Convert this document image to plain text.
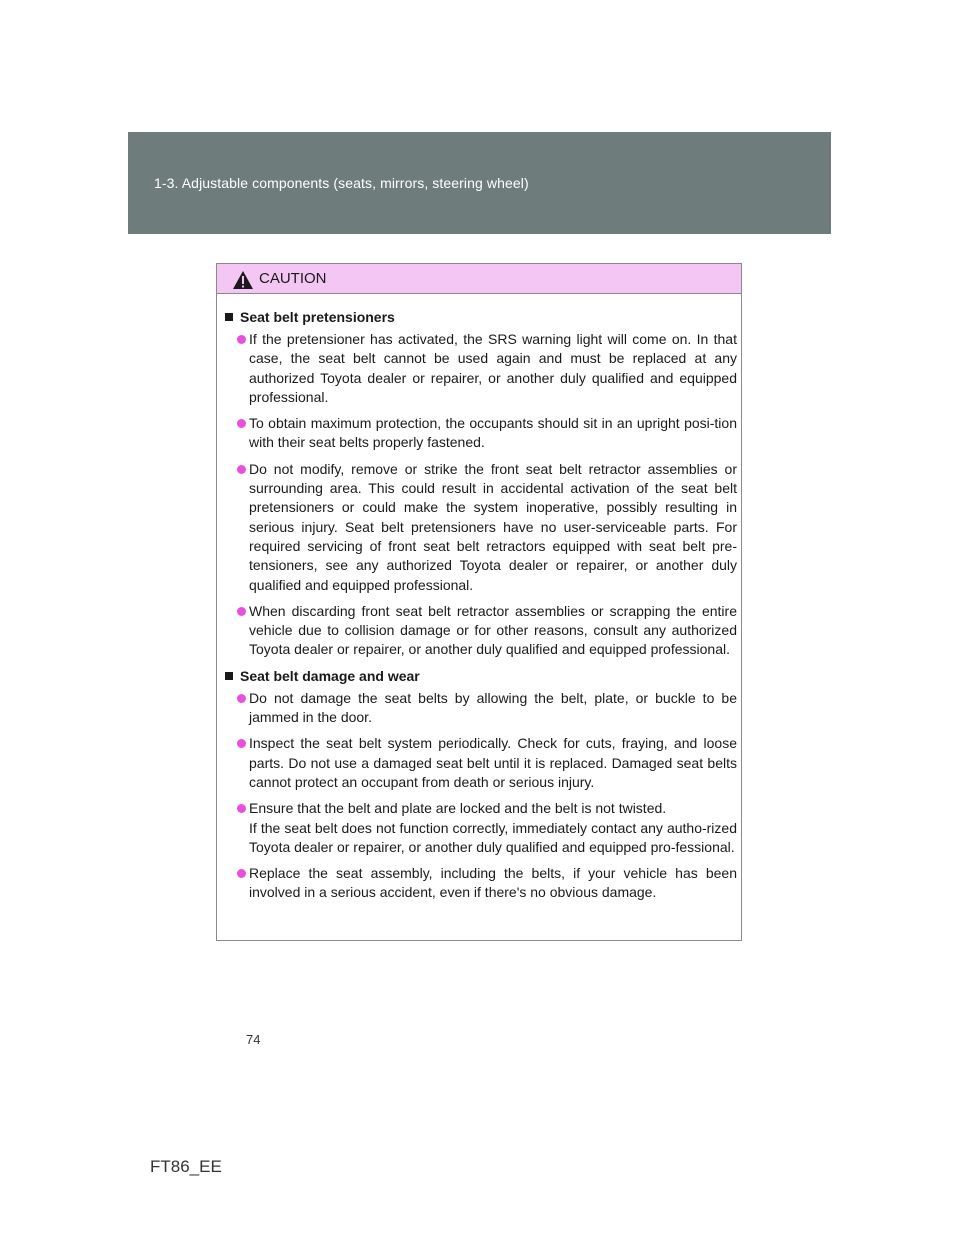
1-3. Adjustable components (seats, mirrors, steering wheel)
CAUTION
Seat belt pretensioners
If the pretensioner has activated, the SRS warning light will come on. In that case, the seat belt cannot be used again and must be replaced at any authorized Toyota dealer or repairer, or another duly qualified and equipped professional.
To obtain maximum protection, the occupants should sit in an upright posi-tion with their seat belts properly fastened.
Do not modify, remove or strike the front seat belt retractor assemblies or surrounding area. This could result in accidental activation of the seat belt pretensioners or could make the system inoperative, possibly resulting in serious injury. Seat belt pretensioners have no user-serviceable parts. For required servicing of front seat belt retractors equipped with seat belt pre-tensioners, see any authorized Toyota dealer or repairer, or another duly qualified and equipped professional.
When discarding front seat belt retractor assemblies or scrapping the entire vehicle due to collision damage or for other reasons, consult any authorized Toyota dealer or repairer, or another duly qualified and equipped professional.
Seat belt damage and wear
Do not damage the seat belts by allowing the belt, plate, or buckle to be jammed in the door.
Inspect the seat belt system periodically. Check for cuts, fraying, and loose parts. Do not use a damaged seat belt until it is replaced. Damaged seat belts cannot protect an occupant from death or serious injury.
Ensure that the belt and plate are locked and the belt is not twisted.
If the seat belt does not function correctly, immediately contact any autho-rized Toyota dealer or repairer, or another duly qualified and equipped pro-fessional.
Replace the seat assembly, including the belts, if your vehicle has been involved in a serious accident, even if there's no obvious damage.
74
FT86_EE
